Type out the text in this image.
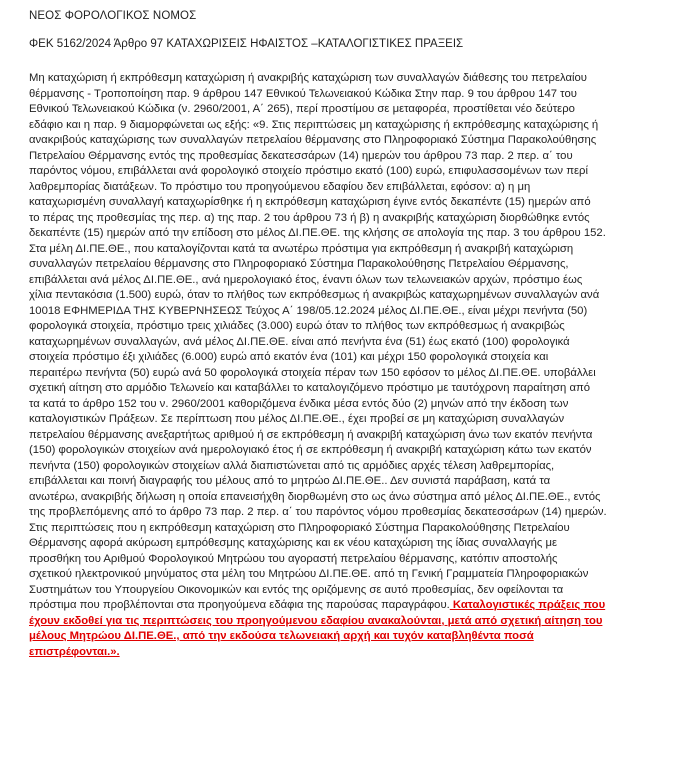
ΝΕΟΣ ΦΟΡΟΛΟΓΙΚΟΣ ΝΟΜΟΣ
ΦΕΚ 5162/2024 Άρθρο 97 ΚΑΤΑΧΩΡΙΣΕΙΣ ΗΦΑΙΣΤΟΣ –ΚΑΤΑΛΟΓΙΣΤΙΚΕΣ ΠΡΑΞΕΙΣ
Μη καταχώριση ή εκπρόθεσμη καταχώριση ή ανακριβής καταχώριση των συναλλαγών διάθεσης του πετρελαίου
θέρμανσης - Τροποποίηση παρ. 9 άρθρου 147 Εθνικού Τελωνειακού Κώδικα Στην παρ. 9 του άρθρου 147 του
Εθνικού Τελωνειακού Κώδικα (ν. 2960/2001, Α΄ 265), περί προστίμου σε μεταφορέα, προστίθεται νέο δεύτερο
εδάφιο και η παρ. 9 διαμορφώνεται ως εξής: «9. Στις περιπτώσεις μη καταχώρισης ή εκπρόθεσμης καταχώρισης ή
ανακριβούς καταχώρισης των συναλλαγών πετρελαίου θέρμανσης στο Πληροφοριακό Σύστημα Παρακολούθησης
Πετρελαίου Θέρμανσης εντός της προθεσμίας δεκατεσσάρων (14) ημερών του άρθρου 73 παρ. 2 περ. α΄ του
παρόντος νόμου, επιβάλλεται ανά φορολογικό στοιχείο πρόστιμο εκατό (100) ευρώ, επιφυλασσομένων των περί
λαθρεμπορίας διατάξεων. Το πρόστιμο του προηγούμενου εδαφίου δεν επιβάλλεται, εφόσον: α) η μη
καταχωρισμένη συναλλαγή καταχωρίσθηκε ή η εκπρόθεσμη καταχώριση έγινε εντός δεκαπέντε (15) ημερών από
το πέρας της προθεσμίας της περ. α) της παρ. 2 του άρθρου 73 ή β) η ανακριβής καταχώριση διορθώθηκε εντός
δεκαπέντε (15) ημερών από την επίδοση στο μέλος ΔΙ.ΠΕ.ΘΕ. της κλήσης σε απολογία της παρ. 3 του άρθρου 152.
Στα μέλη ΔΙ.ΠΕ.ΘΕ., που καταλογίζονται κατά τα ανωτέρω πρόστιμα για εκπρόθεσμη ή ανακριβή καταχώριση
συναλλαγών πετρελαίου θέρμανσης στο Πληροφοριακό Σύστημα Παρακολούθησης Πετρελαίου Θέρμανσης,
επιβάλλεται ανά μέλος ΔΙ.ΠΕ.ΘΕ., ανά ημερολογιακό έτος, έναντι όλων των τελωνειακών αρχών, πρόστιμο έως
χίλια πεντακόσια (1.500) ευρώ, όταν το πλήθος των εκπρόθεσμως ή ανακριβώς καταχωρημένων συναλλαγών ανά
10018 ΕΦΗΜΕΡΙΔΑ ΤΗΣ ΚΥΒΕΡΝΗΣΕΩΣ Τεύχος Α΄ 198/05.12.2024 μέλος ΔΙ.ΠΕ.ΘΕ., είναι μέχρι πενήντα (50)
φορολογικά στοιχεία, πρόστιμο τρεις χιλιάδες (3.000) ευρώ όταν το πλήθος των εκπρόθεσμως ή ανακριβώς
καταχωρημένων συναλλαγών, ανά μέλος ΔΙ.ΠΕ.ΘΕ. είναι από πενήντα ένα (51) έως εκατό (100) φορολογικά
στοιχεία πρόστιμο έξι χιλιάδες (6.000) ευρώ από εκατόν ένα (101) και μέχρι 150 φορολογικά στοιχεία και
περαιτέρω πενήντα (50) ευρώ ανά 50 φορολογικά στοιχεία πέραν των 150 εφόσον το μέλος ΔΙ.ΠΕ.ΘΕ. υποβάλλει
σχετική αίτηση στο αρμόδιο Τελωνείο και καταβάλλει το καταλογιζόμενο πρόστιμο με ταυτόχρονη παραίτηση από
τα κατά το άρθρο 152 του ν. 2960/2001 καθοριζόμενα ένδικα μέσα εντός δύο (2) μηνών από την έκδοση των
καταλογιστικών Πράξεων. Σε περίπτωση που μέλος ΔΙ.ΠΕ.ΘΕ., έχει προβεί σε μη καταχώριση συναλλαγών
πετρελαίου θέρμανσης ανεξαρτήτως αριθμού ή σε εκπρόθεσμη ή ανακριβή καταχώριση άνω των εκατόν πενήντα
(150) φορολογικών στοιχείων ανά ημερολογιακό έτος ή σε εκπρόθεσμη ή ανακριβή καταχώριση κάτω των εκατόν
πενήντα (150) φορολογικών στοιχείων αλλά διαπιστώνεται από τις αρμόδιες αρχές τέλεση λαθρεμπορίας,
επιβάλλεται και ποινή διαγραφής του μέλους από το μητρώο ΔΙ.ΠΕ.ΘΕ.. Δεν συνιστά παράβαση, κατά τα
ανωτέρω, ανακριβής δήλωση η οποία επανεισήχθη διορθωμένη στο ως άνω σύστημα από μέλος ΔΙ.ΠΕ.ΘΕ., εντός
της προβλεπόμενης από το άρθρο 73 παρ. 2 περ. α΄ του παρόντος νόμου προθεσμίας δεκατεσσάρων (14) ημερών.
Στις περιπτώσεις που η εκπρόθεσμη καταχώριση στο Πληροφοριακό Σύστημα Παρακολούθησης Πετρελαίου
Θέρμανσης αφορά ακύρωση εμπρόθεσμης καταχώρισης και εκ νέου καταχώριση της ίδιας συναλλαγής με
προσθήκη του Αριθμού Φορολογικού Μητρώου του αγοραστή πετρελαίου θέρμανσης, κατόπιν αποστολής
σχετικού ηλεκτρονικού μηνύματος στα μέλη του Μητρώου ΔΙ.ΠΕ.ΘΕ. από τη Γενική Γραμματεία Πληροφοριακών
Συστημάτων του Υπουργείου Οικονομικών και εντός της οριζόμενης σε αυτό προθεσμίας, δεν οφείλονται τα
πρόστιμα που προβλέπονται στα προηγούμενα εδάφια της παρούσας παραγράφου. Καταλογιστικές πράξεις που
έχουν εκδοθεί για τις περιπτώσεις του προηγούμενου εδαφίου ανακαλούνται, μετά από σχετική αίτηση του
μέλους Μητρώου ΔΙ.ΠΕ.ΘΕ., από την εκδούσα τελωνειακή αρχή και τυχόν καταβληθέντα ποσά
επιστρέφονται.».
